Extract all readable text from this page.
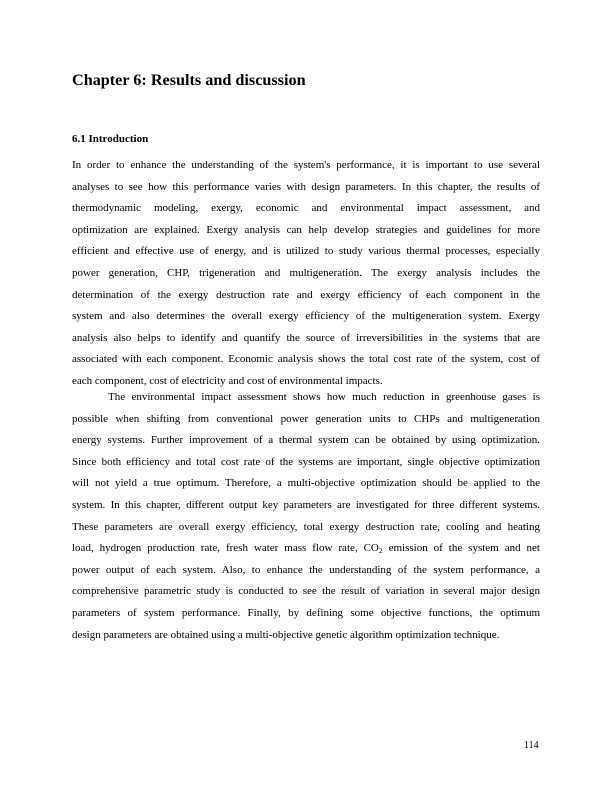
Chapter 6: Results and discussion
6.1 Introduction
In order to enhance the understanding of the system's performance, it is important to use several
analyses to see how this performance varies with design parameters. In this chapter, the results of
thermodynamic modeling, exergy, economic and environmental impact assessment, and
optimization are explained. Exergy analysis can help develop strategies and guidelines for more
efficient and effective use of energy, and is utilized to study various thermal processes, especially
power generation, CHP, trigeneration and multigeneration. The exergy analysis includes the
determination of the exergy destruction rate and exergy efficiency of each component in the
system and also determines the overall exergy efficiency of the multigeneration system. Exergy
analysis also helps to identify and quantify the source of irreversibilities in the systems that are
associated with each component. Economic analysis shows the total cost rate of the system, cost of
each component, cost of electricity and cost of environmental impacts.
The environmental impact assessment shows how much reduction in greenhouse gases is
possible when shifting from conventional power generation units to CHPs and multigeneration
energy systems. Further improvement of a thermal system can be obtained by using optimization.
Since both efficiency and total cost rate of the systems are important, single objective optimization
will not yield a true optimum. Therefore, a multi-objective optimization should be applied to the
system. In this chapter, different output key parameters are investigated for three different systems.
These parameters are overall exergy efficiency, total exergy destruction rate, cooling and heating
load, hydrogen production rate, fresh water mass flow rate, $CO_2$ emission of the system and net
power output of each system. Also, to enhance the understanding of the system performance, a
comprehensive parametric study is conducted to see the result of variation in several major design
parameters of system performance. Finally, by defining some objective functions, the optimum
design parameters are obtained using a multi-objective genetic algorithm optimization technique.
114
